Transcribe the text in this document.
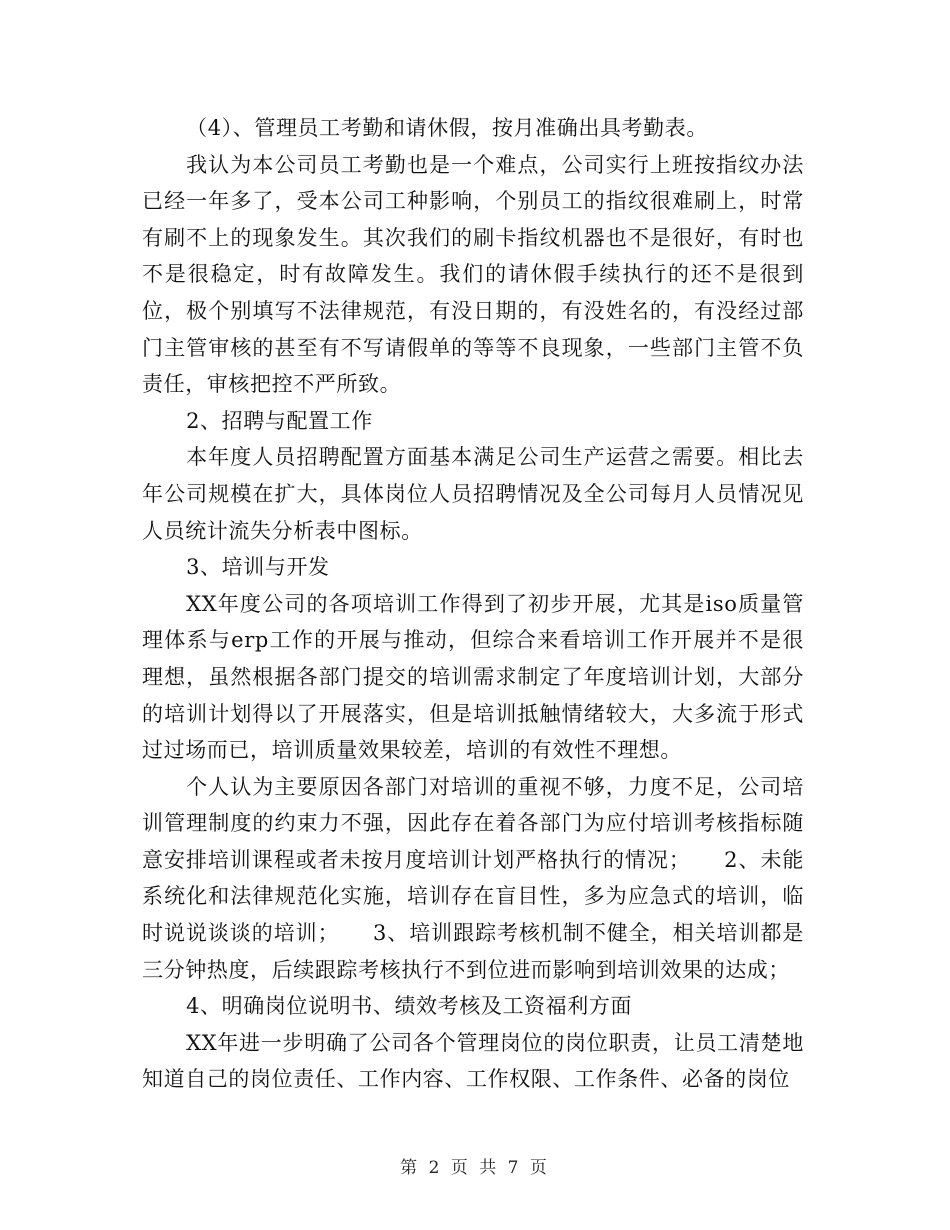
（4）、管理员工考勤和请休假，按月准确出具考勤表。

我认为本公司员工考勤也是一个难点，公司实行上班按指纹办法已经一年多了，受本公司工种影响，个别员工的指纹很难刷上，时常有刷不上的现象发生。其次我们的刷卡指纹机器也不是很好，有时也不是很稳定，时有故障发生。我们的请休假手续执行的还不是很到位，极个别填写不法律规范，有没日期的，有没姓名的，有没经过部门主管审核的甚至有不写请假单的等等不良现象，一些部门主管不负责任，审核把控不严所致。

2、招聘与配置工作

本年度人员招聘配置方面基本满足公司生产运营之需要。相比去年公司规模在扩大，具体岗位人员招聘情况及全公司每月人员情况见人员统计流失分析表中图标。

3、培训与开发

XX年度公司的各项培训工作得到了初步开展，尤其是iso质量管理体系与erp工作的开展与推动，但综合来看培训工作开展并不是很理想，虽然根据各部门提交的培训需求制定了年度培训计划，大部分的培训计划得以了开展落实，但是培训抵触情绪较大，大多流于形式过过场而已，培训质量效果较差，培训的有效性不理想。

个人认为主要原因各部门对培训的重视不够，力度不足，公司培训管理制度的约束力不强，因此存在着各部门为应付培训考核指标随意安排培训课程或者未按月度培训计划严格执行的情况；　　2、未能系统化和法律规范化实施，培训存在盲目性，多为应急式的培训，临时说说谈谈的培训；　　3、培训跟踪考核机制不健全，相关培训都是三分钟热度，后续跟踪考核执行不到位进而影响到培训效果的达成；

4、明确岗位说明书、绩效考核及工资福利方面

XX年进一步明确了公司各个管理岗位的岗位职责，让员工清楚地知道自己的岗位责任、工作内容、工作权限、工作条件、必备的岗位

第 2 页 共 7 页
